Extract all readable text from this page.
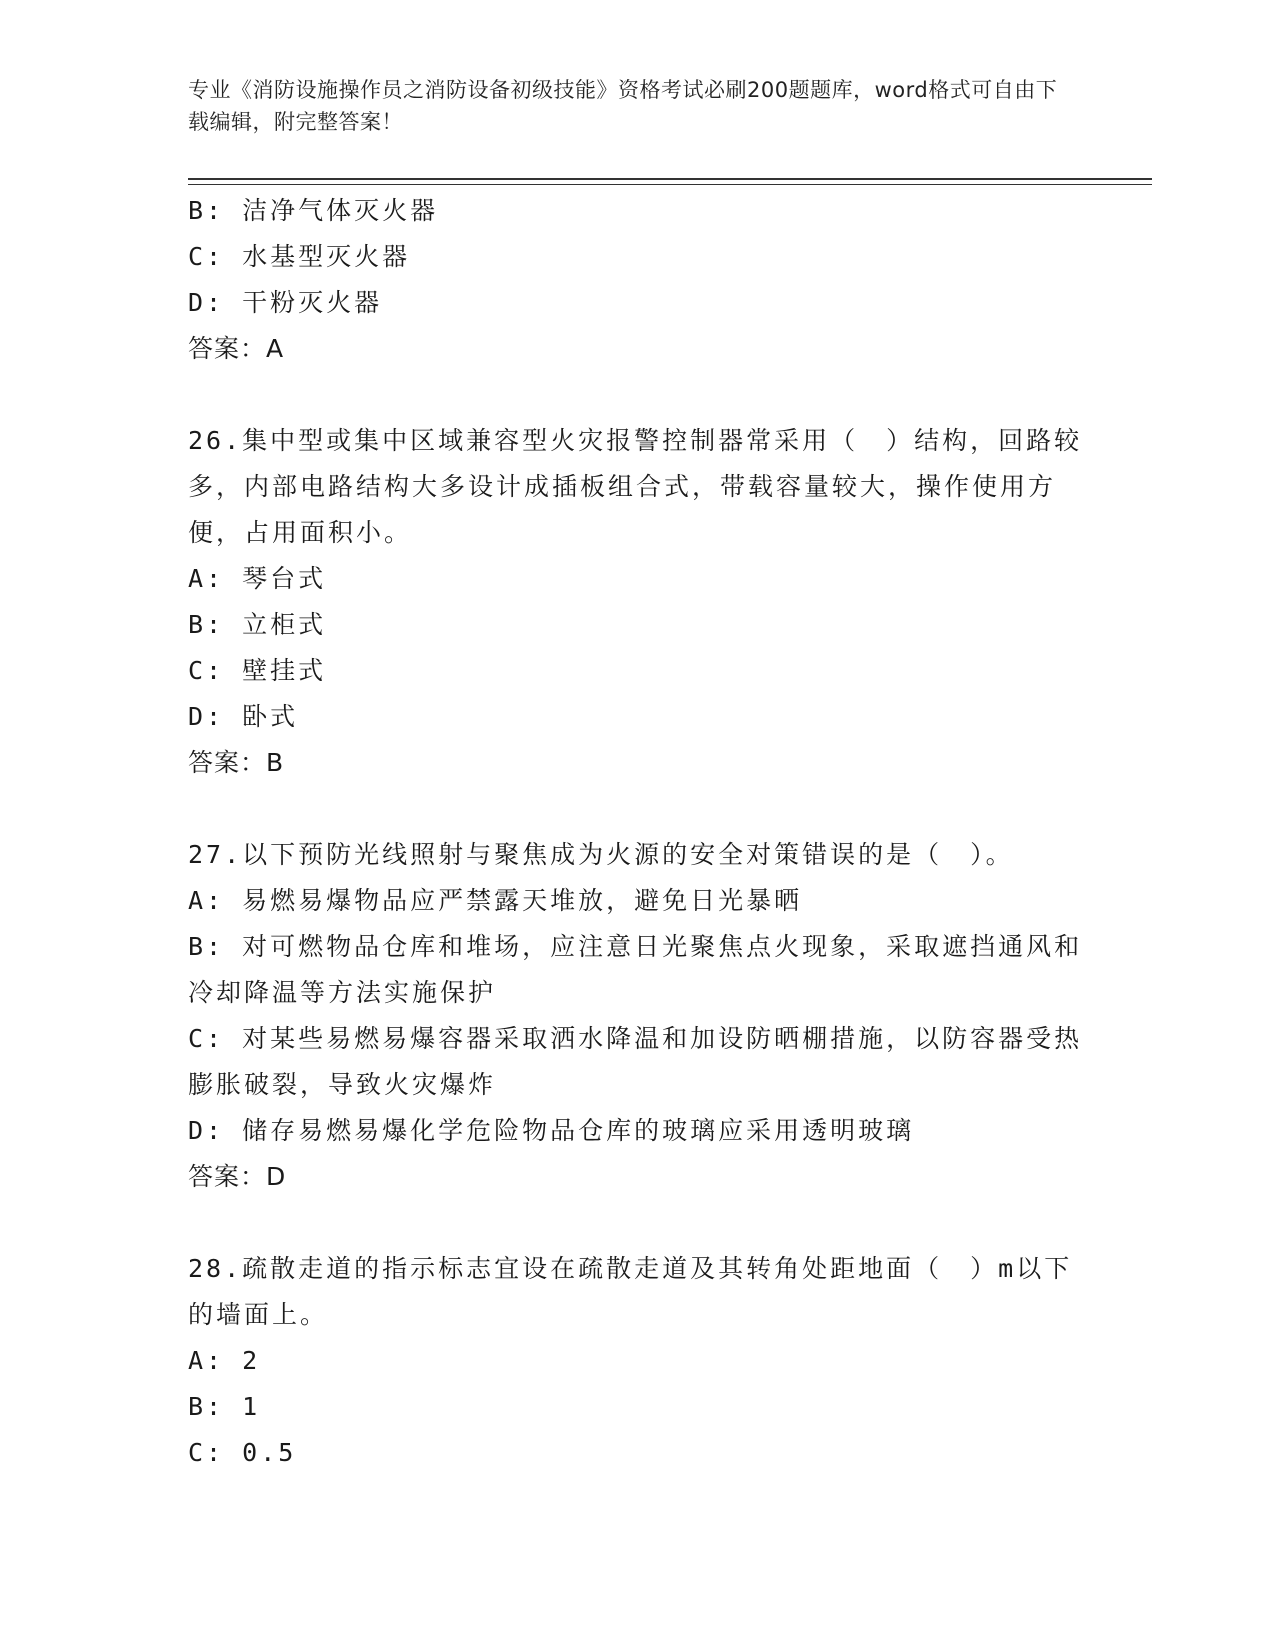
专业《消防设施操作员之消防设备初级技能》资格考试必刷200题题库，word格式可自由下载编辑，附完整答案！
B: 洁净气体灭火器
C: 水基型灭火器
D: 干粉灭火器
答案：A
26.集中型或集中区域兼容型火灾报警控制器常采用（　）结构，回路较多，内部电路结构大多设计成插板组合式，带载容量较大，操作使用方便，占用面积小。
A: 琴台式
B: 立柜式
C: 壁挂式
D: 卧式
答案：B
27.以下预防光线照射与聚焦成为火源的安全对策错误的是（　）。
A: 易燃易爆物品应严禁露天堆放，避免日光暴晒
B: 对可燃物品仓库和堆场，应注意日光聚焦点火现象，采取遮挡通风和冷却降温等方法实施保护
C: 对某些易燃易爆容器采取洒水降温和加设防晒棚措施，以防容器受热膨胀破裂，导致火灾爆炸
D: 储存易燃易爆化学危险物品仓库的玻璃应采用透明玻璃
答案：D
28.疏散走道的指示标志宜设在疏散走道及其转角处距地面（　）m以下的墙面上。
A: 2
B: 1
C: 0.5
